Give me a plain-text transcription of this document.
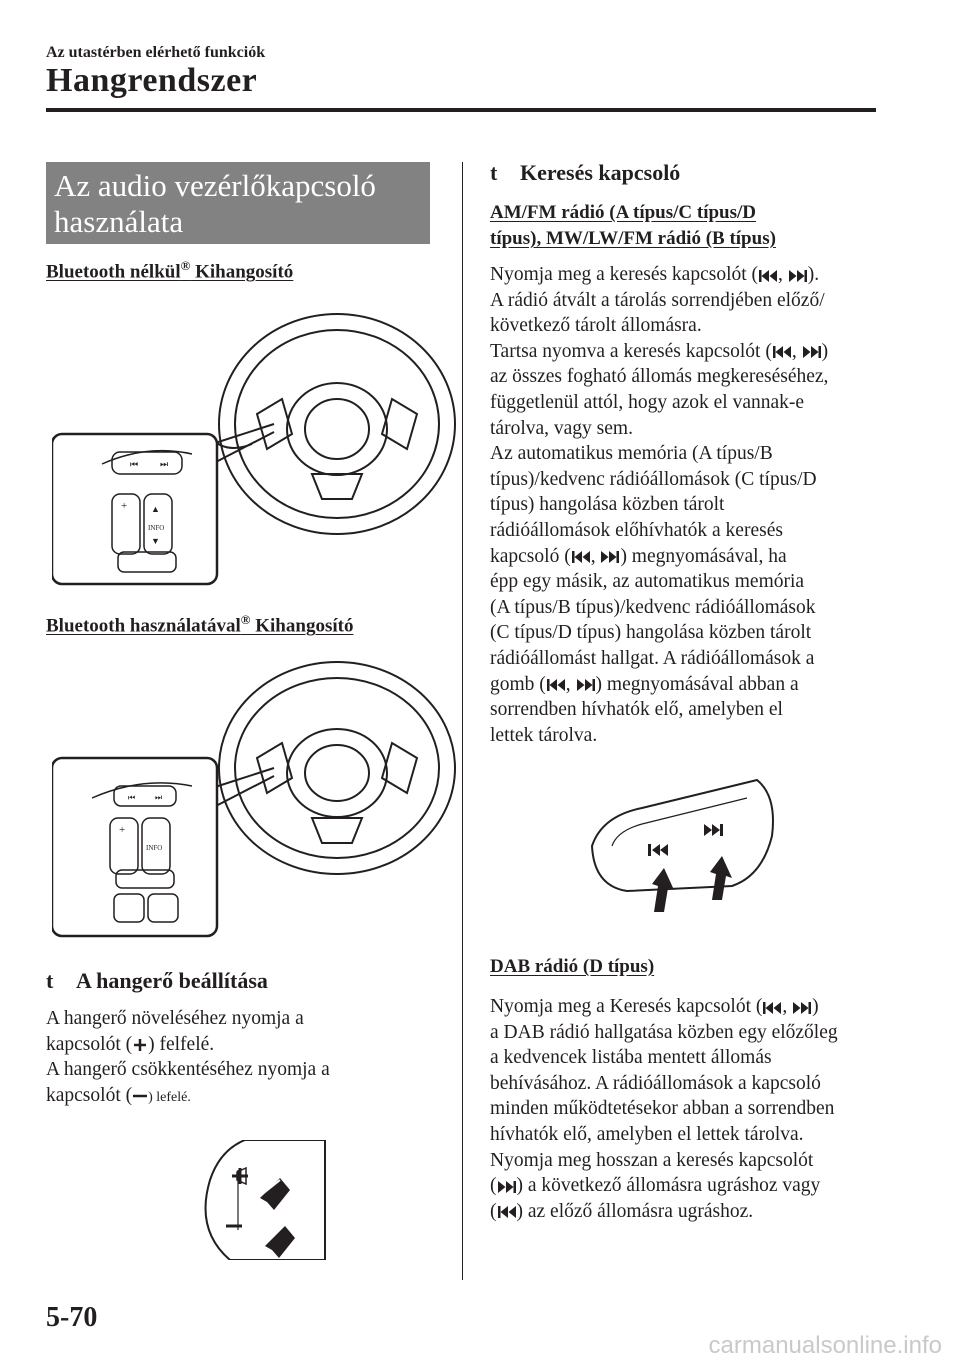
Az utastérben elérhető funkciók
Hangrendszer
Az audio vezérlőkapcsoló
használata
Bluetooth nélkül® Kihangosító
⏮ ⏭
+	▲
INFO
▼
Bluetooth használatával® Kihangosító
⏮ ⏭
+
INFO
t A hangerő beállítása

A hangerő növeléséhez nyomja a

kapcsolót ( ) felfelé.

A hangerő csökkentéséhez nyomja a

kapcsolót ( ) lefelé.

t Keresés kapcsoló
AM/FM rádió (A típus/C típus/D
típus), MW/LW/FM rádió (B típus)

Nyomja meg a keresés kapcsolót ( , ).

A rádió átvált a tárolás sorrendjében előző/

következő tárolt állomásra.

Tartsa nyomva a keresés kapcsolót ( , )

az összes fogható állomás megkereséséhez,

függetlenül attól, hogy azok el vannak-e

tárolva, vagy sem.

Az automatikus memória (A típus/B

típus)/kedvenc rádióállomások (C típus/D

típus) hangolása közben tárolt

rádióállomások előhívhatók a keresés

kapcsoló ( , ) megnyomásával, ha

épp egy másik, az automatikus memória

(A típus/B típus)/kedvenc rádióállomások

(C típus/D típus) hangolása közben tárolt

rádióállomást hallgat. A rádióállomások a

gomb ( , ) megnyomásával abban a

sorrendben hívhatók elő, amelyben el

lettek tárolva.

DAB rádió (D típus)

Nyomja meg a Keresés kapcsolót ( , )

a DAB rádió hallgatása közben egy előzőleg

a kedvencek listába mentett állomás

behívásához. A rádióállomások a kapcsoló

minden működtetésekor abban a sorrendben

hívhatók elő, amelyben el lettek tárolva.

Nyomja meg hosszan a keresés kapcsolót

( ) a következő állomásra ugráshoz vagy

( ) az előző állomásra ugráshoz.

5-70
carmanualsonline.info
